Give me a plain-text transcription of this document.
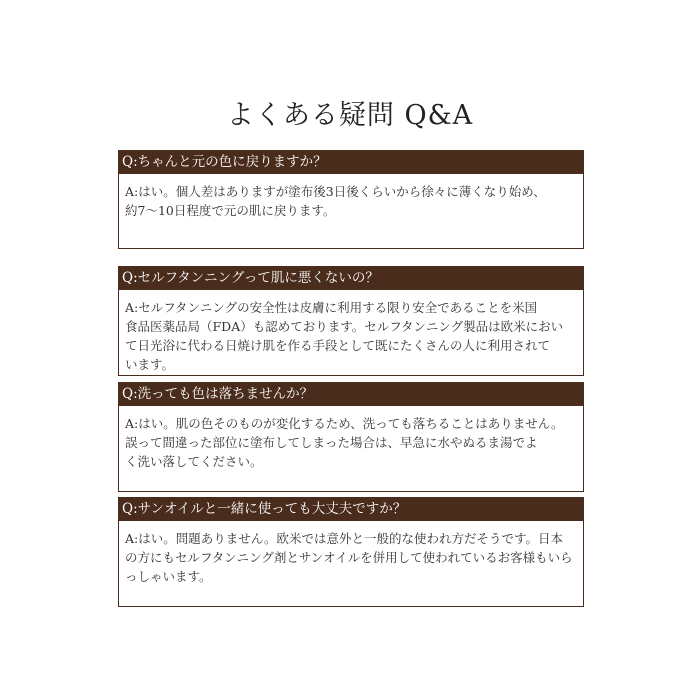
よくある疑問 Q&A
Q:ちゃんと元の色に戻りますか？
A:はい。個人差はありますが塗布後3日後くらいから徐々に薄くなり始め、
約7～10日程度で元の肌に戻ります。
Q:セルフタンニングって肌に悪くないの？
A:セルフタンニングの安全性は皮膚に利用する限り安全であることを米国
食品医薬品局（FDA）も認めております。セルフタンニング製品は欧米におい
て日光浴に代わる日焼け肌を作る手段として既にたくさんの人に利用されて
います。
Q:洗っても色は落ちませんか？
A:はい。肌の色そのものが変化するため、洗っても落ちることはありません。
誤って間違った部位に塗布してしまった場合は、早急に水やぬるま湯でよ
く洗い落してください。
Q:サンオイルと一緒に使っても大丈夫ですか？
A:はい。問題ありません。欧米では意外と一般的な使われ方だそうです。日本
の方にもセルフタンニング剤とサンオイルを併用して使われているお客様もいら
っしゃいます。
